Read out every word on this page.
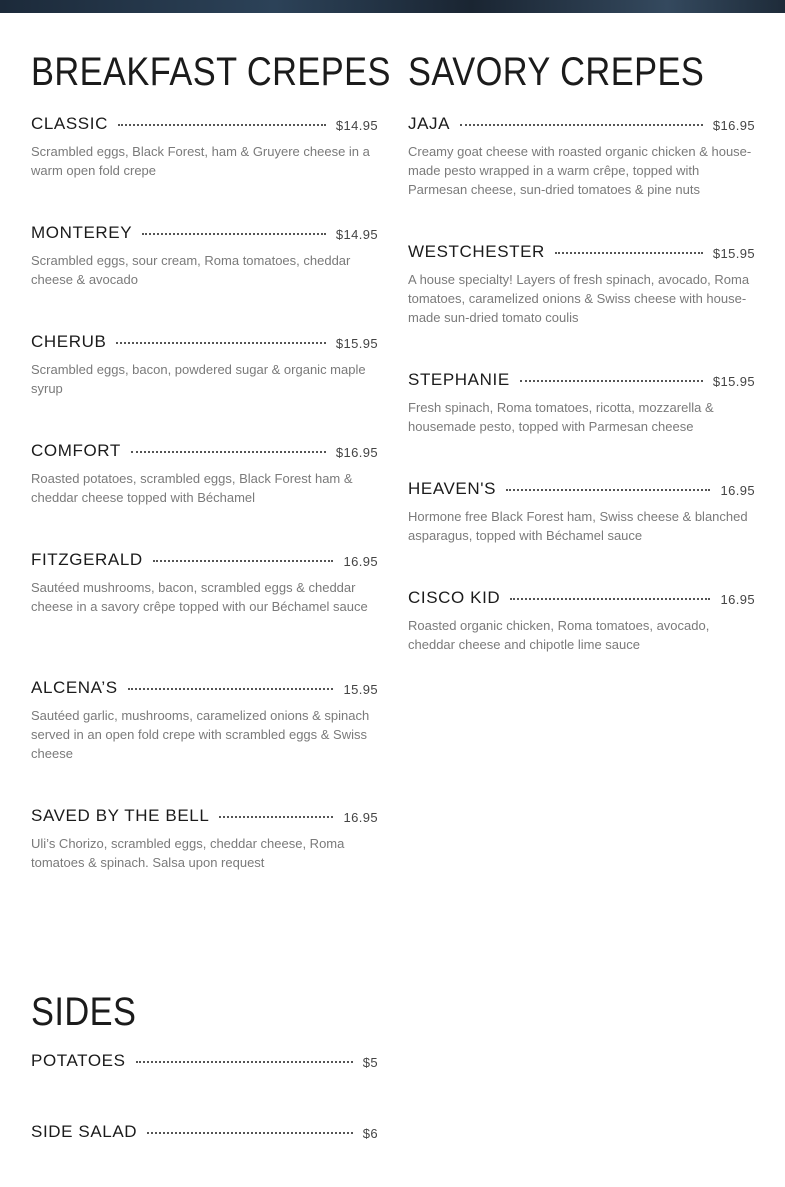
BREAKFAST CREPES
CLASSIC	$14.95
Scrambled eggs, Black Forest, ham & Gruyere cheese in a warm open fold crepe
MONTEREY	$14.95
Scrambled eggs, sour cream, Roma tomatoes, cheddar cheese & avocado
CHERUB	$15.95
Scrambled eggs, bacon, powdered sugar & organic maple syrup
COMFORT	$16.95
Roasted potatoes, scrambled eggs, Black Forest ham & cheddar cheese topped with Béchamel
FITZGERALD	16.95
Sautéed mushrooms, bacon, scrambled eggs & cheddar cheese in a savory crêpe topped with our Béchamel sauce
ALCENA’S	15.95
Sautéed garlic, mushrooms, caramelized onions & spinach served in an open fold crepe with scrambled eggs & Swiss cheese
SAVED BY THE BELL	16.95
Uli’s Chorizo, scrambled eggs, cheddar cheese, Roma tomatoes & spinach. Salsa upon request
SAVORY CREPES
JAJA	$16.95
Creamy goat cheese with roasted organic chicken & house-made pesto wrapped in a warm crêpe, topped with Parmesan cheese, sun-dried tomatoes & pine nuts
WESTCHESTER	$15.95
A house specialty! Layers of fresh spinach, avocado, Roma tomatoes, caramelized onions & Swiss cheese with house-made sun-dried tomato coulis
STEPHANIE	$15.95
Fresh spinach, Roma tomatoes, ricotta, mozzarella & housemade pesto, topped with Parmesan cheese
HEAVEN'S	16.95
Hormone free Black Forest ham, Swiss cheese & blanched asparagus, topped with Béchamel sauce
CISCO KID	16.95
Roasted organic chicken, Roma tomatoes, avocado, cheddar cheese and chipotle lime sauce
SIDES
POTATOES	$5
SIDE SALAD	$6
